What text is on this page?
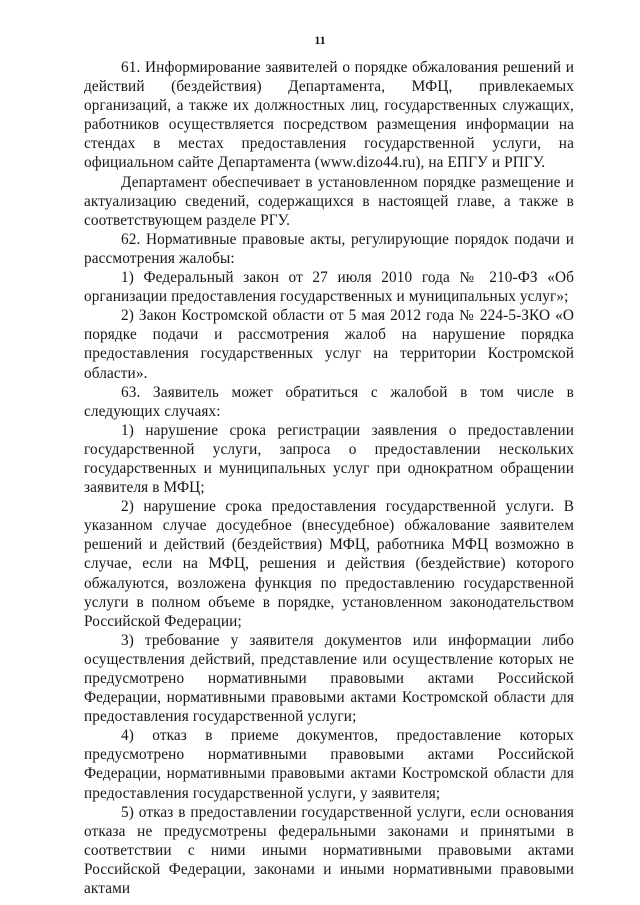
11

61. Информирование заявителей о порядке обжалования решений и действий (бездействия) Департамента, МФЦ, привлекаемых организаций, а также их должностных лиц, государственных служащих, работников осуществляется посредством размещения информации на стендах в местах предоставления государственной услуги, на официальном сайте Департамента (www.dizo44.ru), на ЕПГУ и РПГУ.

Департамент обеспечивает в установленном порядке размещение и актуализацию сведений, содержащихся в настоящей главе, а также в соответствующем разделе РГУ.

62. Нормативные правовые акты, регулирующие порядок подачи и рассмотрения жалобы:

1) Федеральный закон от 27 июля 2010 года № 210-ФЗ «Об организации предоставления государственных и муниципальных услуг»;

2) Закон Костромской области от 5 мая 2012 года № 224-5-ЗКО «О порядке подачи и рассмотрения жалоб на нарушение порядка предоставления государственных услуг на территории Костромской области».

63. Заявитель может обратиться с жалобой в том числе в следующих случаях:

1) нарушение срока регистрации заявления о предоставлении государственной услуги, запроса о предоставлении нескольких государственных и муниципальных услуг при однократном обращении заявителя в МФЦ;

2) нарушение срока предоставления государственной услуги. В указанном случае досудебное (внесудебное) обжалование заявителем решений и действий (бездействия) МФЦ, работника МФЦ возможно в случае, если на МФЦ, решения и действия (бездействие) которого обжалуются, возложена функция по предоставлению государственной услуги в полном объеме в порядке, установленном законодательством Российской Федерации;

3) требование у заявителя документов или информации либо осуществления действий, представление или осуществление которых не предусмотрено нормативными правовыми актами Российской Федерации, нормативными правовыми актами Костромской области для предоставления государственной услуги;

4) отказ в приеме документов, предоставление которых предусмотрено нормативными правовыми актами Российской Федерации, нормативными правовыми актами Костромской области для предоставления государственной услуги, у заявителя;

5) отказ в предоставлении государственной услуги, если основания отказа не предусмотрены федеральными законами и принятыми в соответствии с ними иными нормативными правовыми актами Российской Федерации, законами и иными нормативными правовыми актами
